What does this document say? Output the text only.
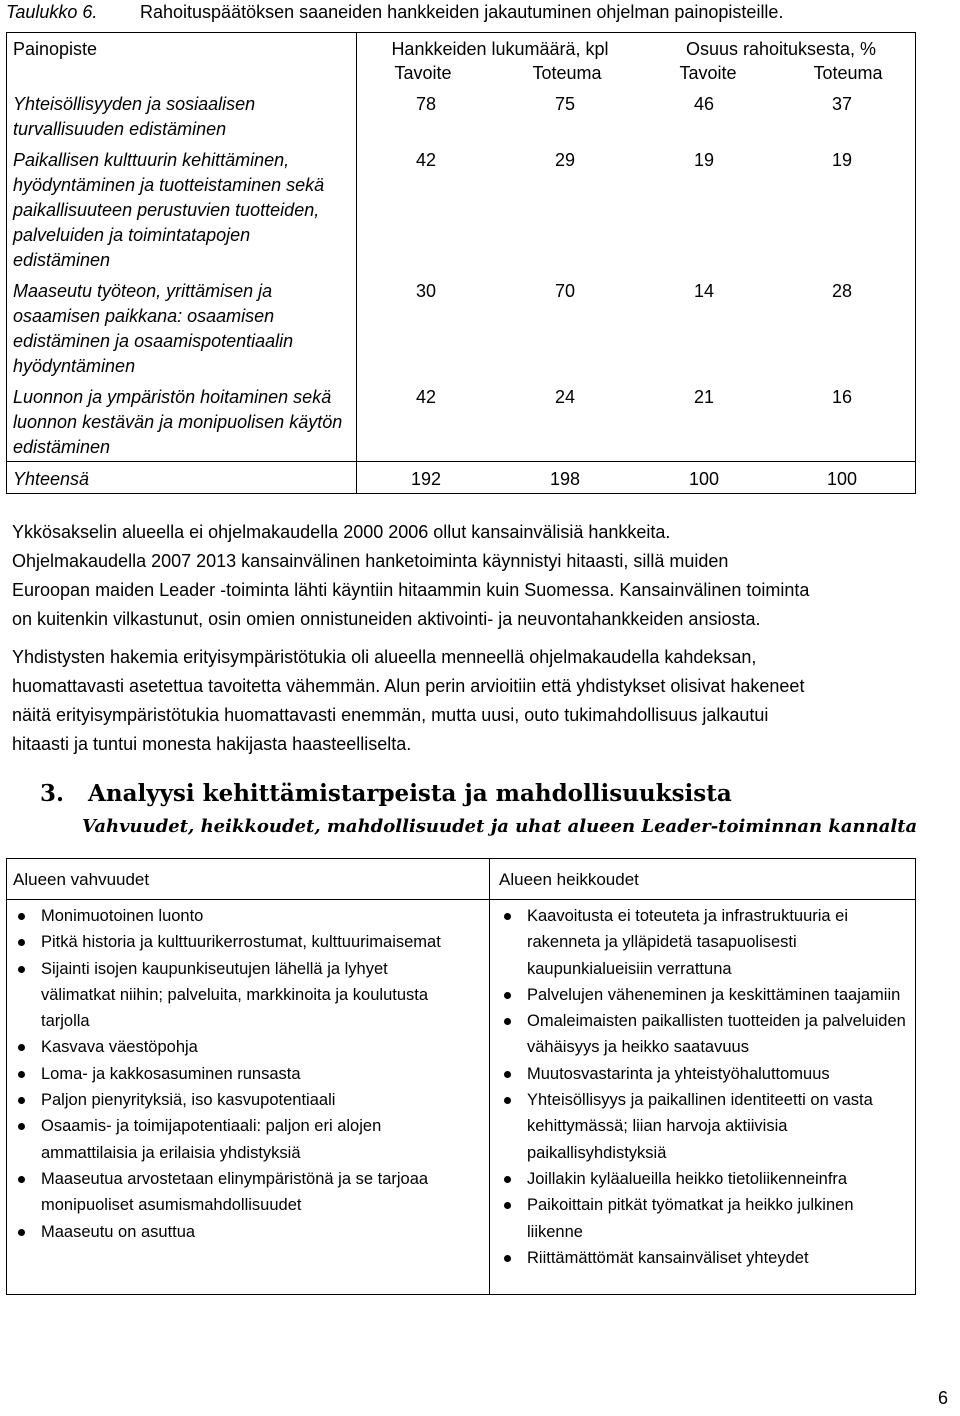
Taulukko 6. Rahoituspäätöksen saaneiden hankkeiden jakautuminen ohjelman painopisteille.
Painopiste	Hankkeiden lukumäärä, kpl	Osuus rahoituksesta, %
Tavoite	Toteuma	Tavoite	Toteuma
Yhteisöllisyyden ja sosiaalisen turvallisuuden edistäminen
78	75	46	37
Paikallisen kulttuurin kehittäminen, hyödyntäminen ja tuotteistaminen sekä paikallisuuteen perustuvien tuotteiden, palveluiden ja toimintatapojen edistäminen
42	29	19	19
Maaseutu työteon, yrittämisen ja osaamisen paikkana: osaamisen edistäminen ja osaamispotentiaalin hyödyntäminen
30	70	14	28
Luonnon ja ympäristön hoitaminen sekä luonnon kestävän ja monipuolisen käytön edistäminen
42	24	21	16
Yhteensä	192	198	100	100
Ykkösakselin alueella ei ohjelmakaudella 2000 2006 ollut kansainvälisiä hankkeita.
Ohjelmakaudella 2007 2013 kansainvälinen hanketoiminta käynnistyi hitaasti, sillä muiden
Euroopan maiden Leader -toiminta lähti käyntiin hitaammin kuin Suomessa. Kansainvälinen toiminta
on kuitenkin vilkastunut, osin omien onnistuneiden aktivointi- ja neuvontahankkeiden ansiosta.
Yhdistysten hakemia erityisympäristötukia oli alueella menneellä ohjelmakaudella kahdeksan,
huomattavasti asetettua tavoitetta vähemmän. Alun perin arvioitiin että yhdistykset olisivat hakeneet
näitä erityisympäristötukia huomattavasti enemmän, mutta uusi, outo tukimahdollisuus jalkautui
hitaasti ja tuntui monesta hakijasta haasteelliselta.
3. Analyysi kehittämistarpeista ja mahdollisuuksista
Vahvuudet, heikkoudet, mahdollisuudet ja uhat alueen Leader-toiminnan kannalta
Alueen vahvuudet	Alueen heikkoudet
Monimuotoinen luonto
Pitkä historia ja kulttuurikerrostumat, kulttuurimaisemat
Sijainti isojen kaupunkiseutujen lähellä ja lyhyet välimatkat niihin; palveluita, markkinoita ja koulutusta tarjolla
Kasvava väestöpohja
Loma- ja kakkosasuminen runsasta
Paljon pienyrityksiä, iso kasvupotentiaali
Osaamis- ja toimijapotentiaali: paljon eri alojen ammattilaisia ja erilaisia yhdistyksiä
Maaseutua arvostetaan elinympäristönä ja se tarjoaa monipuoliset asumismahdollisuudet
Maaseutu on asuttua
Kaavoitusta ei toteuteta ja infrastruktuuria ei rakenneta ja ylläpidetä tasapuolisesti kaupunkialueisiin verrattuna
Palvelujen väheneminen ja keskittäminen taajamiin
Omaleimaisten paikallisten tuotteiden ja palveluiden vähäisyys ja heikko saatavuus
Muutosvastarinta ja yhteistyöhaluttomuus
Yhteisöllisyys ja paikallinen identiteetti on vasta kehittymässä; liian harvoja aktiivisia paikallisyhdistyksiä
Joillakin kyläalueilla heikko tietoliikenneinfra
Paikoittain pitkät työmatkat ja heikko julkinen liikenne
Riittämättömät kansainväliset yhteydet
6
